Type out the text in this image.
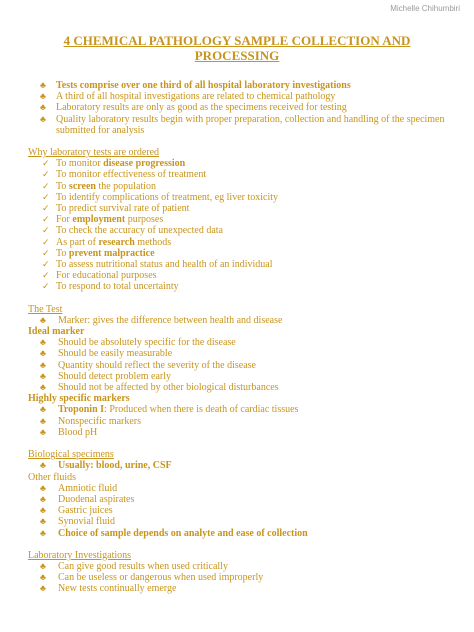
Michelle Chihumbiri
4 CHEMICAL PATHOLOGY SAMPLE COLLECTION AND PROCESSING
♣	Tests comprise over one third of all hospital laboratory investigations
♣	A third of all hospital investigations are related to chemical pathology
♣	Laboratory results are only as good as the specimens received for testing
♣	Quality laboratory results begin with proper preparation, collection and handling of the specimen submitted for analysis
Why laboratory tests are ordered
✓ To monitor disease progression
✓ To monitor effectiveness of treatment
✓ To screen the population
✓ To identify complications of treatment, eg liver toxicity
✓ To predict survival rate of patient
✓ For employment purposes
✓ To check the accuracy of unexpected data
✓ As part of research methods
✓ To prevent malpractice
✓ To assess nutritional status and health of an individual
✓ For educational purposes
✓ To respond to total uncertainty
The Test
♣	Marker: gives the difference between health and disease
Ideal marker
♣	Should be absolutely specific for the disease
♣	Should be easily measurable
♣	Quantity should reflect the severity of the disease
♣	Should detect problem early
♣	Should not be affected by other biological disturbances
Highly specific markers
♣	Troponin I: Produced when there is death of cardiac tissues
♣	Nonspecific markers
♣	Blood pH
Biological specimens
♣	Usually: blood, urine, CSF
Other fluids
♣	Amniotic fluid
♣	Duodenal aspirates
♣	Gastric juices
♣	Synovial fluid
♣	Choice of sample depends on analyte and ease of collection
Laboratory Investigations
♣	Can give good results when used critically
♣	Can be useless or dangerous when used improperly
♣	New tests continually emerge
